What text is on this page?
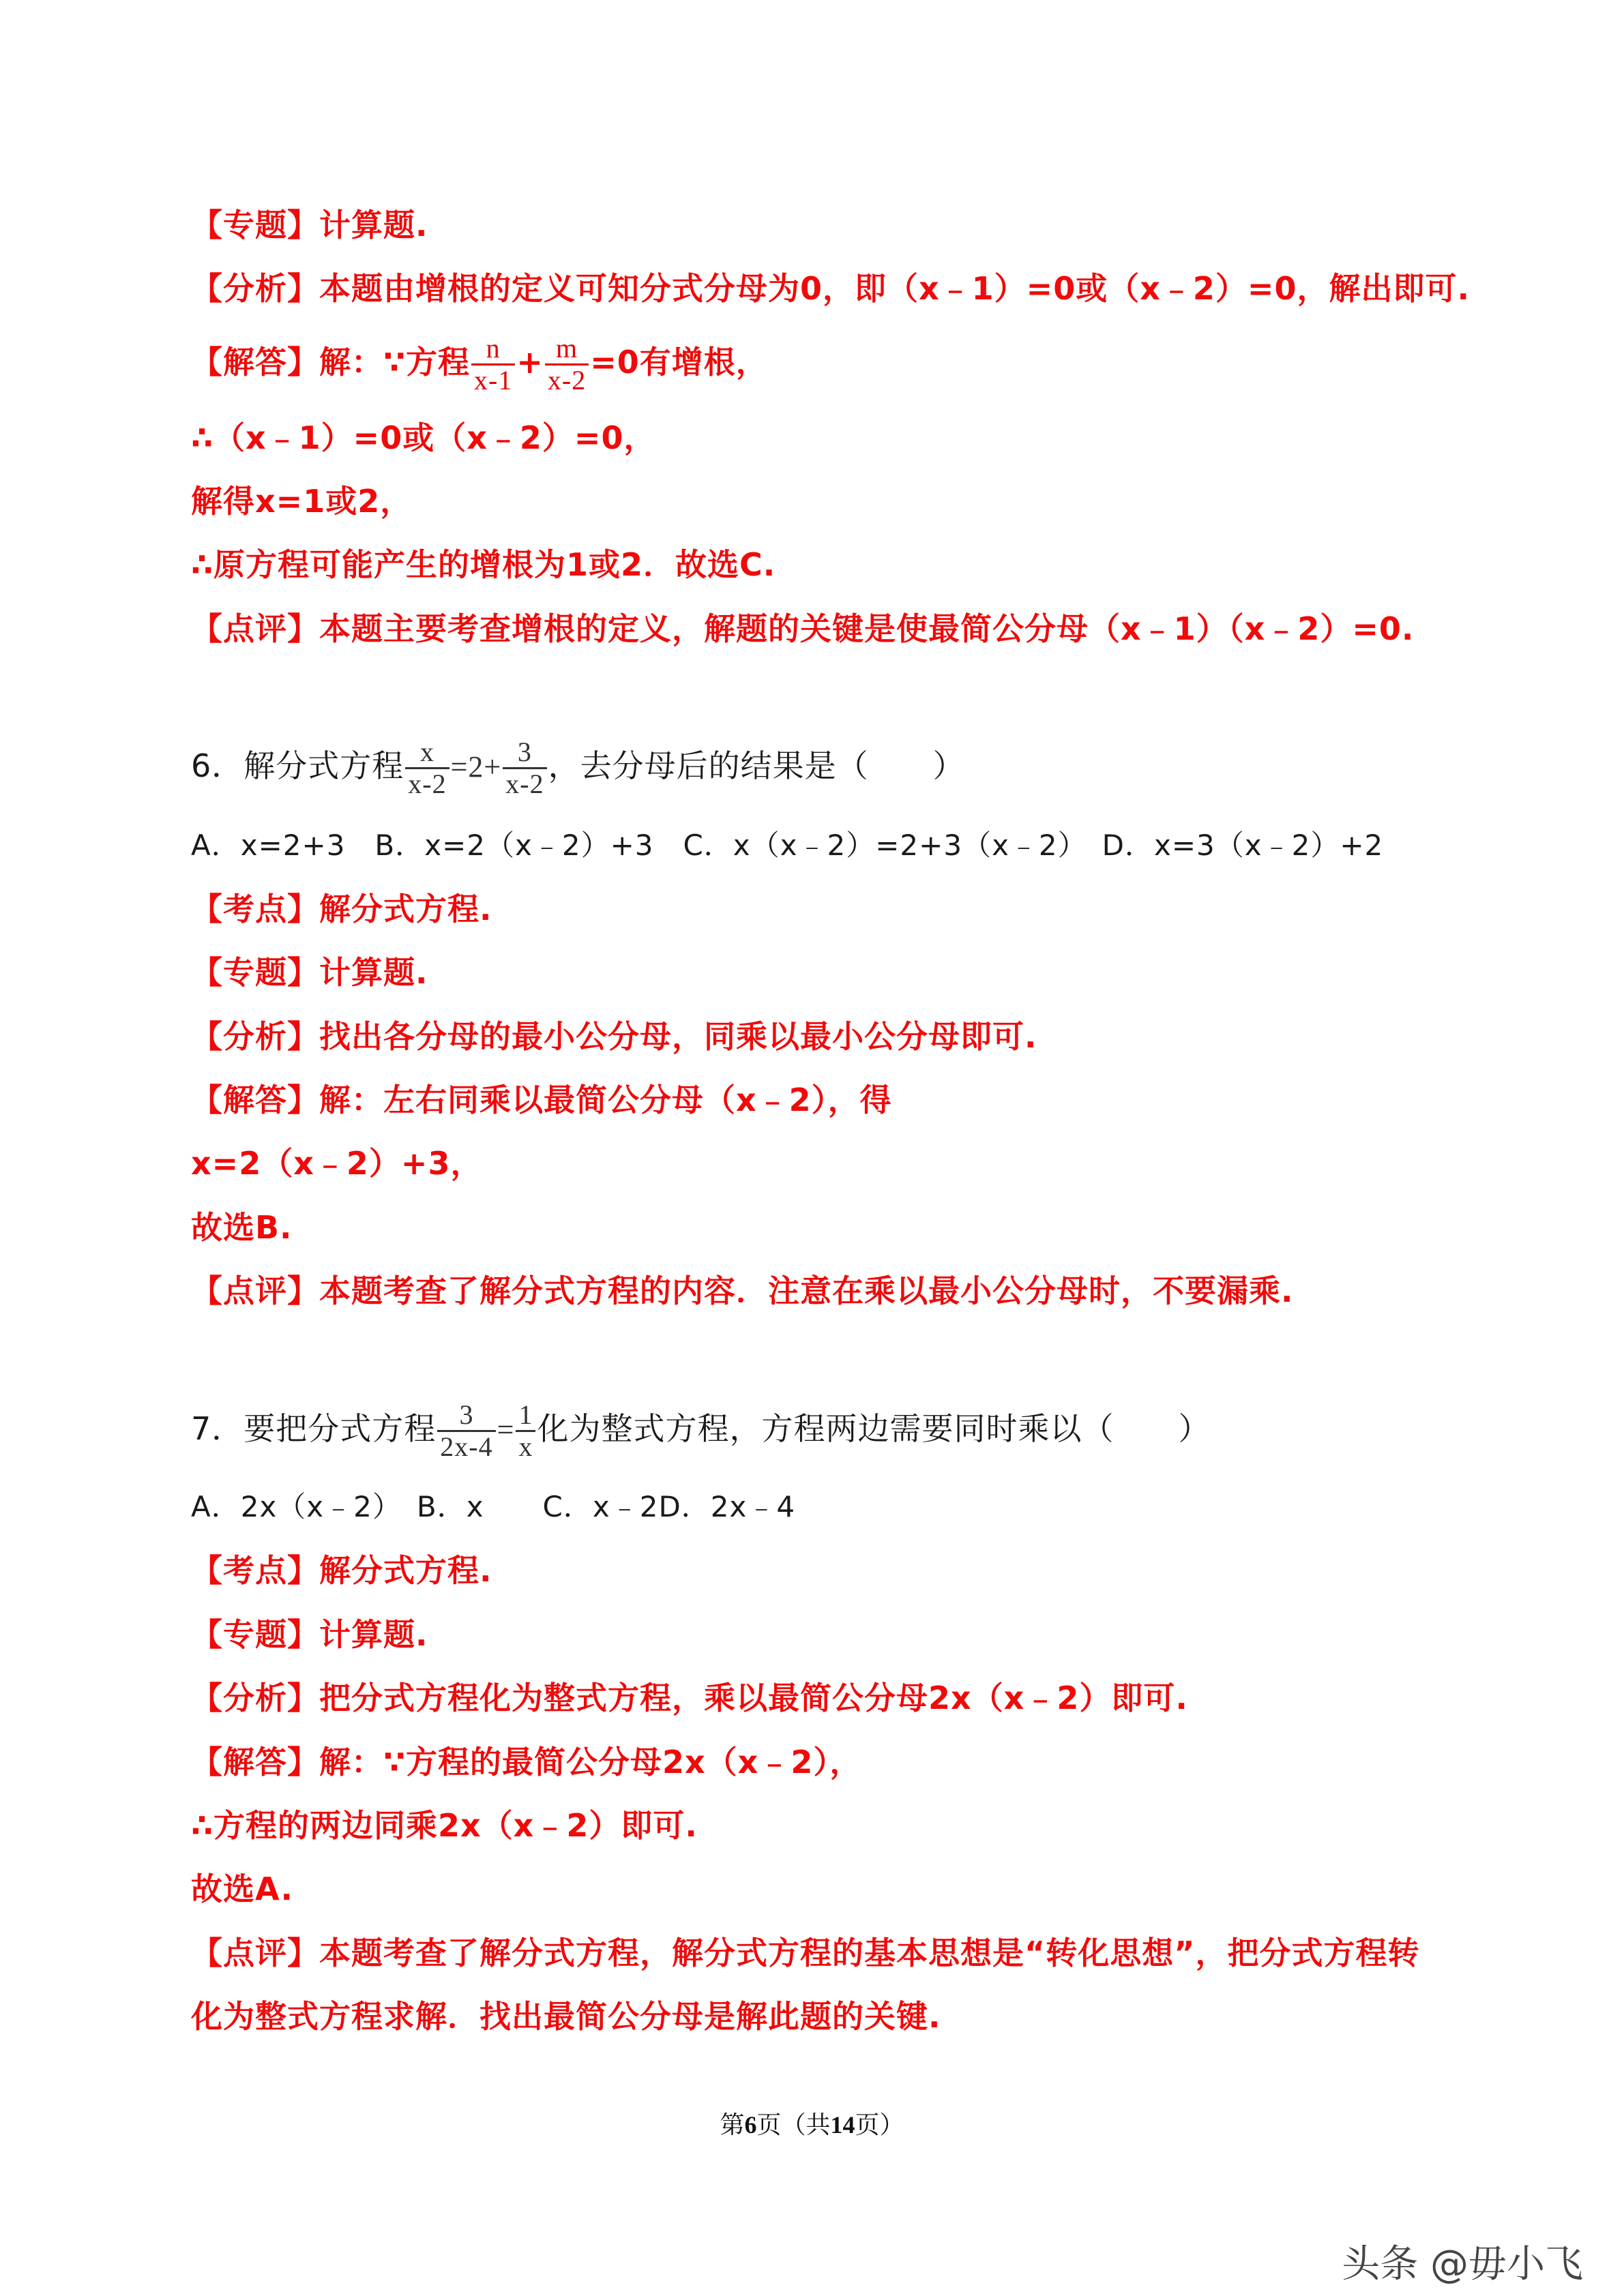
【专题】计算题.
【分析】本题由增根的定义可知分式分母为0，即（x﹣1）=0或（x﹣2）=0，解出即可.
【解答】解：∵方程 $\frac{n}{x-1} + \frac{m}{x-2} =0$有增根，
∴（x﹣1）=0或（x﹣2）=0，
解得x=1或2，
∴原方程可能产生的增根为1或2．故选C.
【点评】本题主要考查增根的定义，解题的关键是使最简公分母（x﹣1）（x﹣2）=0.
6．解分式方程 $\frac{x}{x-2} =2+ \frac{3}{x-2}$ ，去分母后的结果是（　　）
A．x=2+3　B．x=2（x﹣2）+3　C．x（x﹣2）=2+3（x﹣2）　D．x=3（x﹣2）+2
【考点】解分式方程.
【专题】计算题.
【分析】找出各分母的最小公分母，同乘以最小公分母即可.
【解答】解：左右同乘以最简公分母（x﹣2），得
x=2（x﹣2）+3，
故选B.
【点评】本题考查了解分式方程的内容．注意在乘以最小公分母时，不要漏乘.
7．要把分式方程 $\frac{3}{2x-4} = \frac{1}{x}$ 化为整式方程，方程两边需要同时乘以（　　）
A．2x（x﹣2）　B．x　　C．x﹣2D．2x﹣4
【考点】解分式方程.
【专题】计算题.
【分析】把分式方程化为整式方程，乘以最简公分母2x（x﹣2）即可.
【解答】解：∵方程的最简公分母2x（x﹣2），
∴方程的两边同乘2x（x﹣2）即可.
故选A.
【点评】本题考查了解分式方程，解分式方程的基本思想是“转化思想”，把分式方程转
化为整式方程求解．找出最简公分母是解此题的关键.
第6页（共14页）
头条 @毋小飞
